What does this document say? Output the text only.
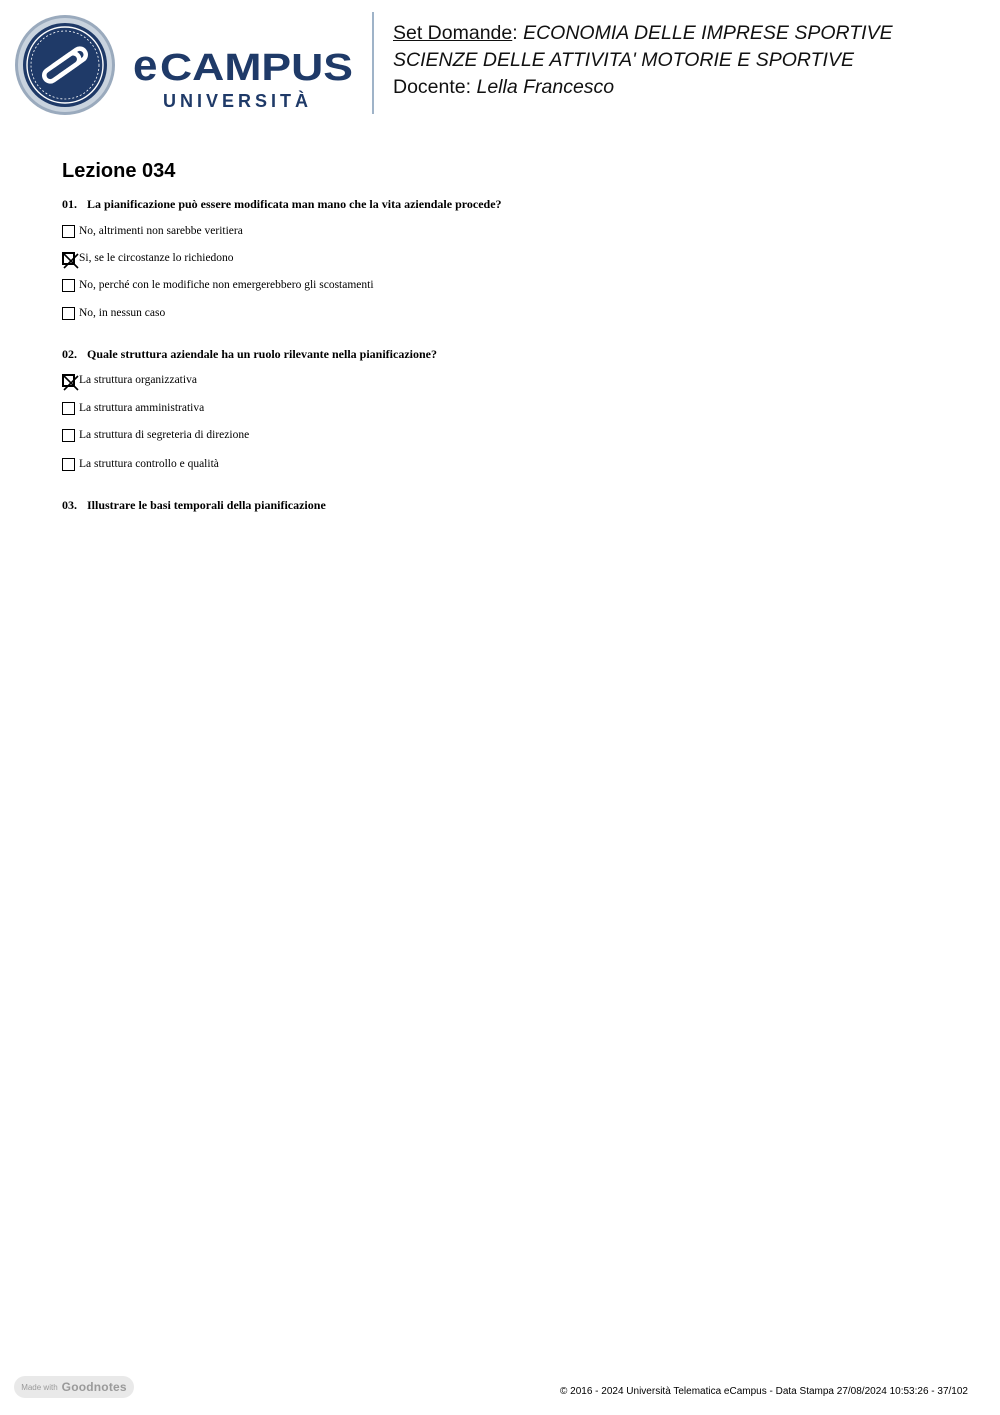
e CAMPUS
UNIVERSITÀ
Set Domande: ECONOMIA DELLE IMPRESE SPORTIVE
SCIENZE DELLE ATTIVITA' MOTORIE E SPORTIVE
Docente: Lella Francesco
Lezione 034
01. La pianificazione può essere modificata man mano che la vita aziendale procede?
No, altrimenti non sarebbe veritiera
Si, se le circostanze lo richiedono
No, perché con le modifiche non emergerebbero gli scostamenti
No, in nessun caso
02. Quale struttura aziendale ha un ruolo rilevante nella pianificazione?
La struttura organizzativa
La struttura amministrativa
La struttura di segreteria di direzione
La struttura controllo e qualità
03. Illustrare le basi temporali della pianificazione
Made with Goodnotes	© 2016 - 2024 Università Telematica eCampus - Data Stampa 27/08/2024 10:53:26 - 37/102
